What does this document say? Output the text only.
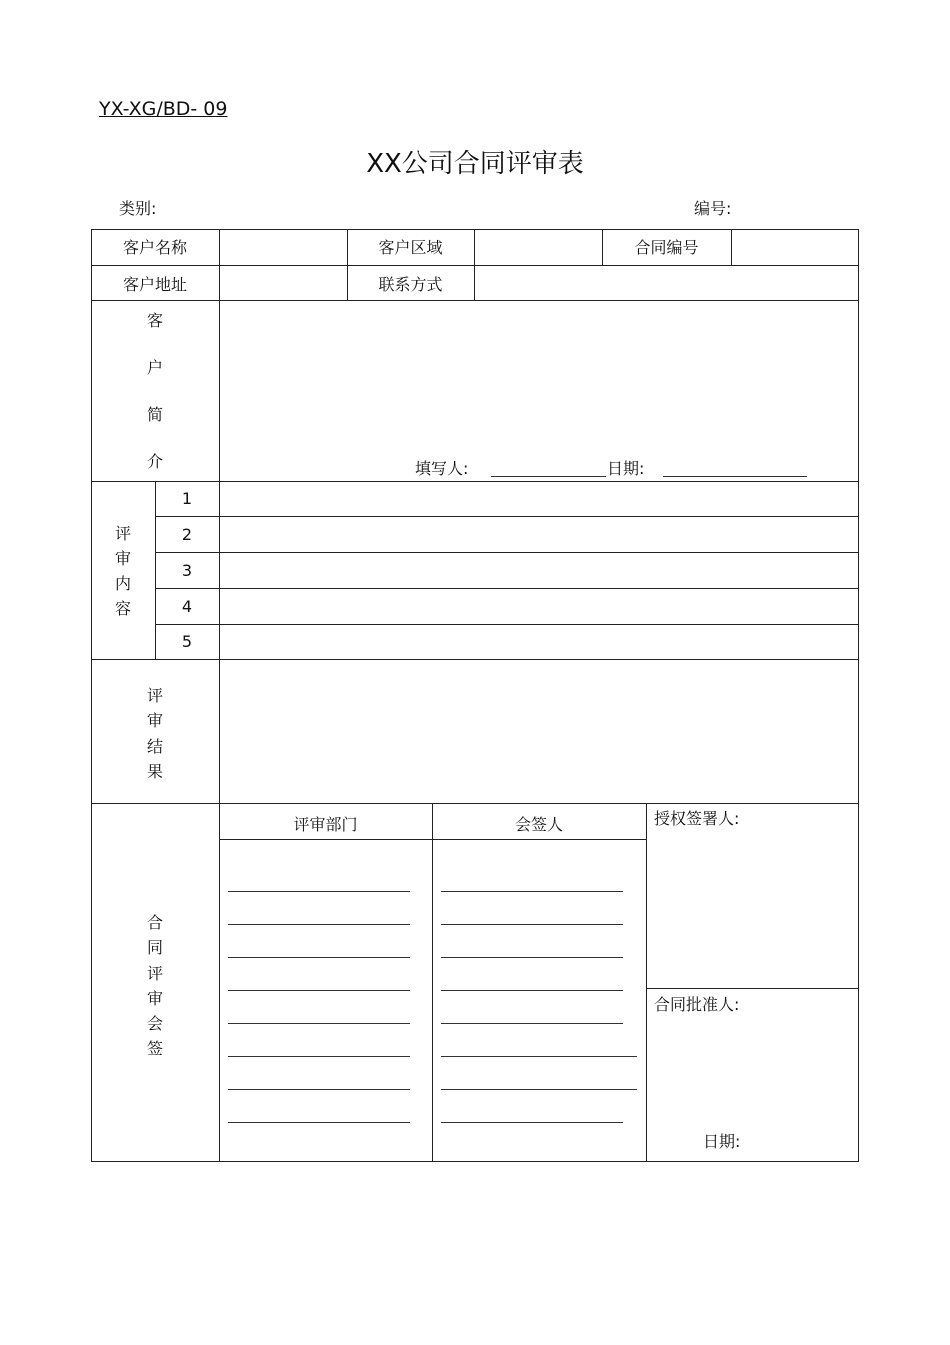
YX-XG/BD- 09
XX公司合同评审表
类别:	编号:
客户名称	客户区域	合同编号
客户地址	联系方式
客
户
简
介	填写人:	日期:
评
审
内
容
1
2
3
4
5
评
审
结
果
合
同
评
审
会
签
评审部门	会签人	授权签署人:
合同批准人:
日期:
